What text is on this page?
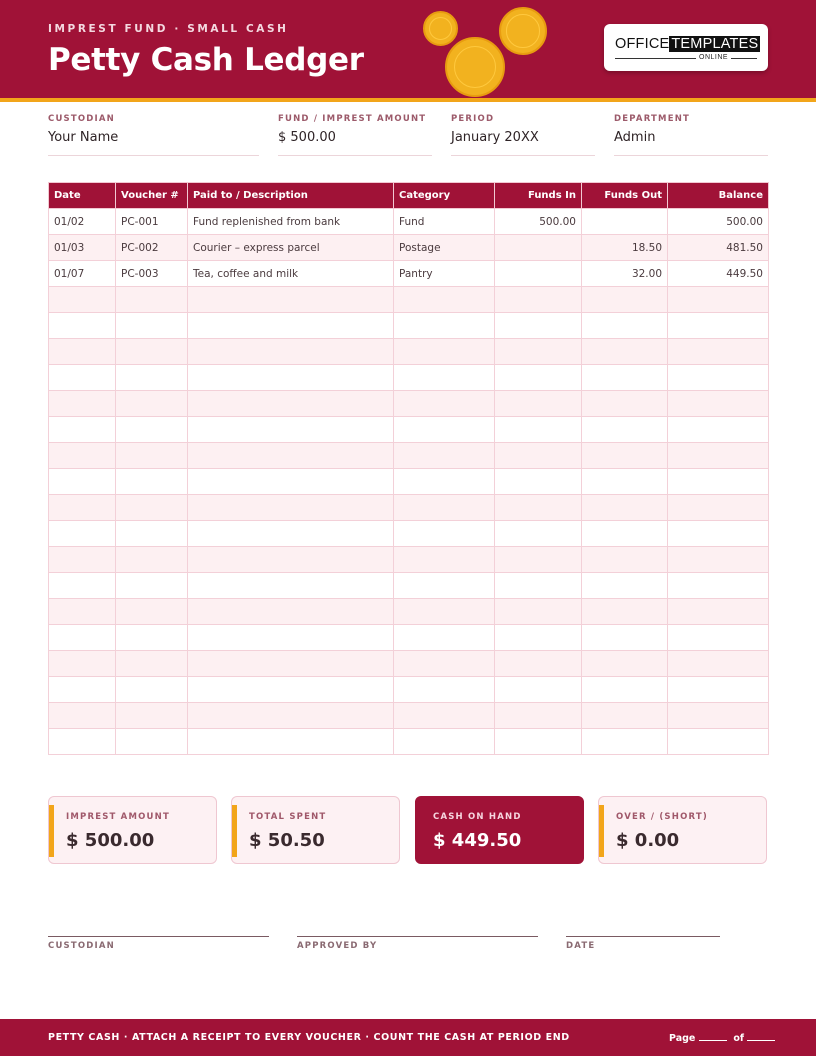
IMPREST FUND · SMALL CASH
Petty Cash Ledger	OFFICE TEMPLATES
ONLINE
CUSTODIAN
Your Name
FUND / IMPREST AMOUNT
$ 500.00
PERIOD
January 20XX
DEPARTMENT
Admin
Date	Voucher #	Paid to / Description	Category	Funds In	Funds Out	Balance
01/02	PC-001	Fund replenished from bank	Fund	500.00		500.00
01/03	PC-002	Courier – express parcel	Postage		18.50	481.50
01/07	PC-003	Tea, coffee and milk	Pantry		32.00	449.50

IMPREST AMOUNT
$ 500.00
TOTAL SPENT
$ 50.50
CASH ON HAND
$ 449.50
OVER / (SHORT)
$ 0.00
CUSTODIAN	APPROVED BY	DATE
PETTY CASH · ATTACH A RECEIPT TO EVERY VOUCHER · COUNT THE CASH AT PERIOD END	Page	of
